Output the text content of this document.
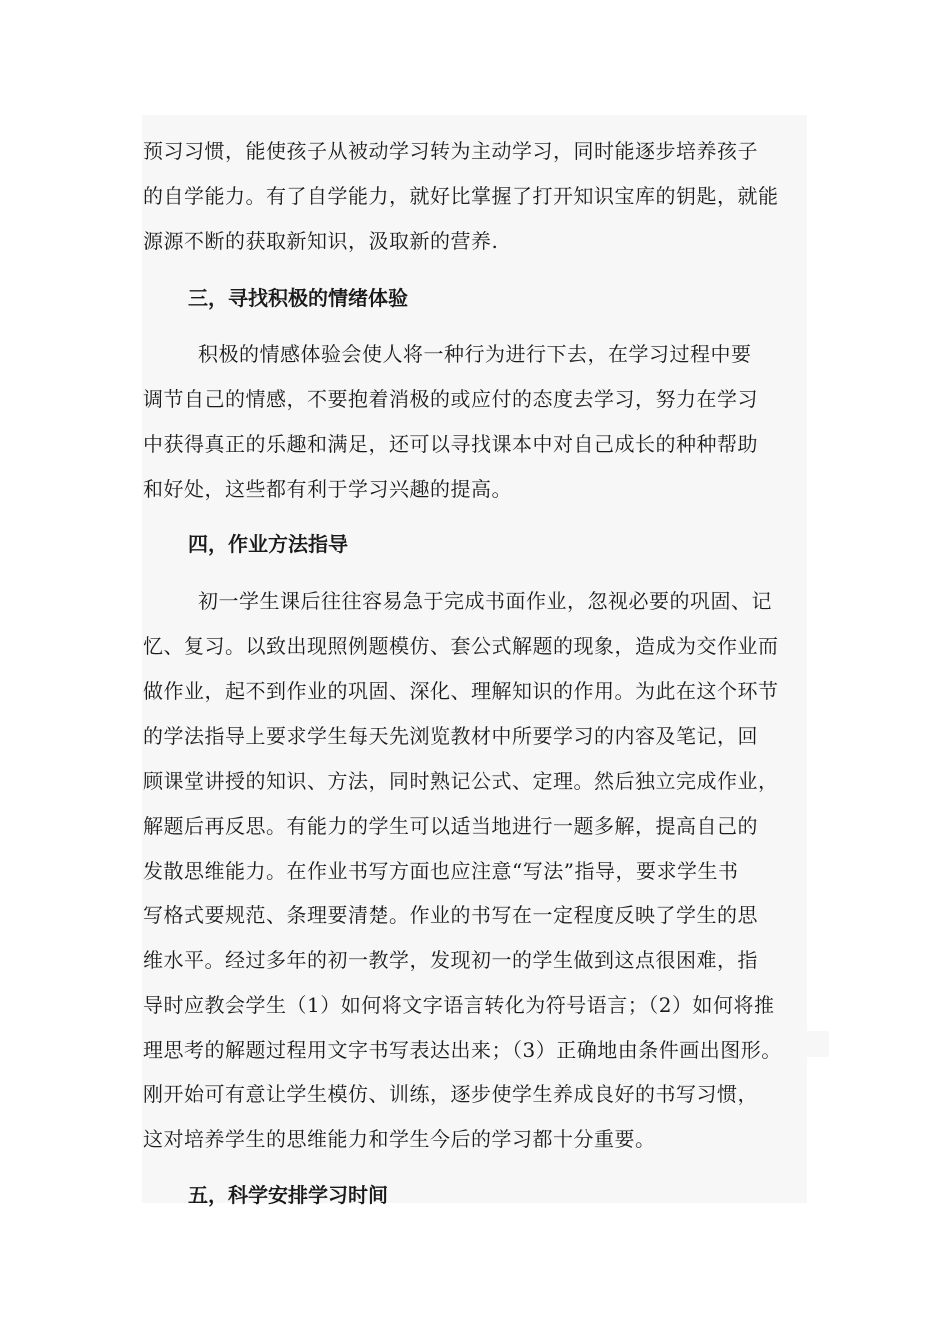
预习习惯，能使孩子从被动学习转为主动学习，同时能逐步培养孩子
的自学能力。有了自学能力，就好比掌握了打开知识宝库的钥匙，就能
源源不断的获取新知识，汲取新的营养.
三，寻找积极的情绪体验
积极的情感体验会使人将一种行为进行下去，在学习过程中要
调节自己的情感，不要抱着消极的或应付的态度去学习，努力在学习
中获得真正的乐趣和满足，还可以寻找课本中对自己成长的种种帮助
和好处，这些都有利于学习兴趣的提高。
四，作业方法指导
初一学生课后往往容易急于完成书面作业，忽视必要的巩固、记
忆、复习。以致出现照例题模仿、套公式解题的现象，造成为交作业而
做作业，起不到作业的巩固、深化、理解知识的作用。为此在这个环节
的学法指导上要求学生每天先浏览教材中所要学习的内容及笔记，回
顾课堂讲授的知识、方法，同时熟记公式、定理。然后独立完成作业，
解题后再反思。有能力的学生可以适当地进行一题多解，提高自己的
发散思维能力。在作业书写方面也应注意“写法”指导，要求学生书
写格式要规范、条理要清楚。作业的书写在一定程度反映了学生的思
维水平。经过多年的初一教学，发现初一的学生做到这点很困难，指
导时应教会学生（1）如何将文字语言转化为符号语言；（2）如何将推
理思考的解题过程用文字书写表达出来；（3）正确地由条件画出图形。
刚开始可有意让学生模仿、训练，逐步使学生养成良好的书写习惯，
这对培养学生的思维能力和学生今后的学习都十分重要。
五，科学安排学习时间
